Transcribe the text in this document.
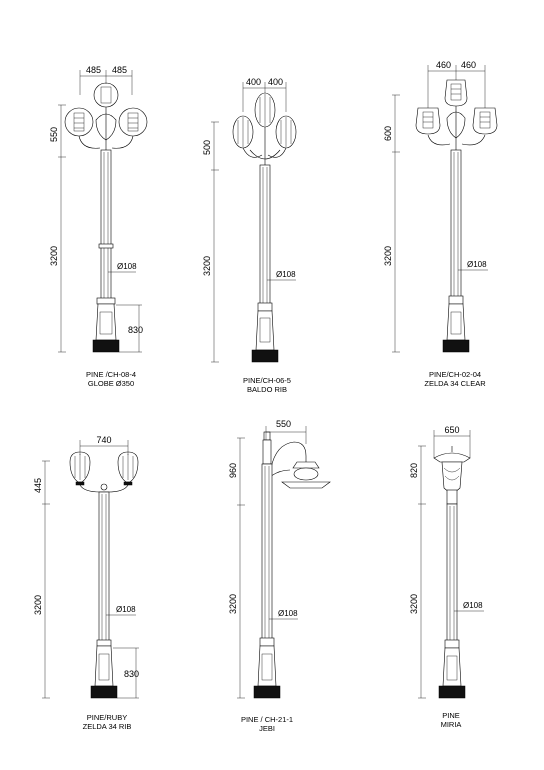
485 485
550
3200
Ø108
830
PINE /CH-08-4
GLOBE Ø350
400 400
500
3200	Ø108
PINE/CH-06-5
BALDO RIB
460 460
600
3200	Ø108
PINE/CH-02-04
ZELDA 34 CLEAR
740
445
3200	Ø108
830
PINE/RUBY
ZELDA 34 RIB
550
960
3200	Ø108
PINE / CH-21-1
JEBI
650
820
3200	Ø108
PINE
MIRIA
